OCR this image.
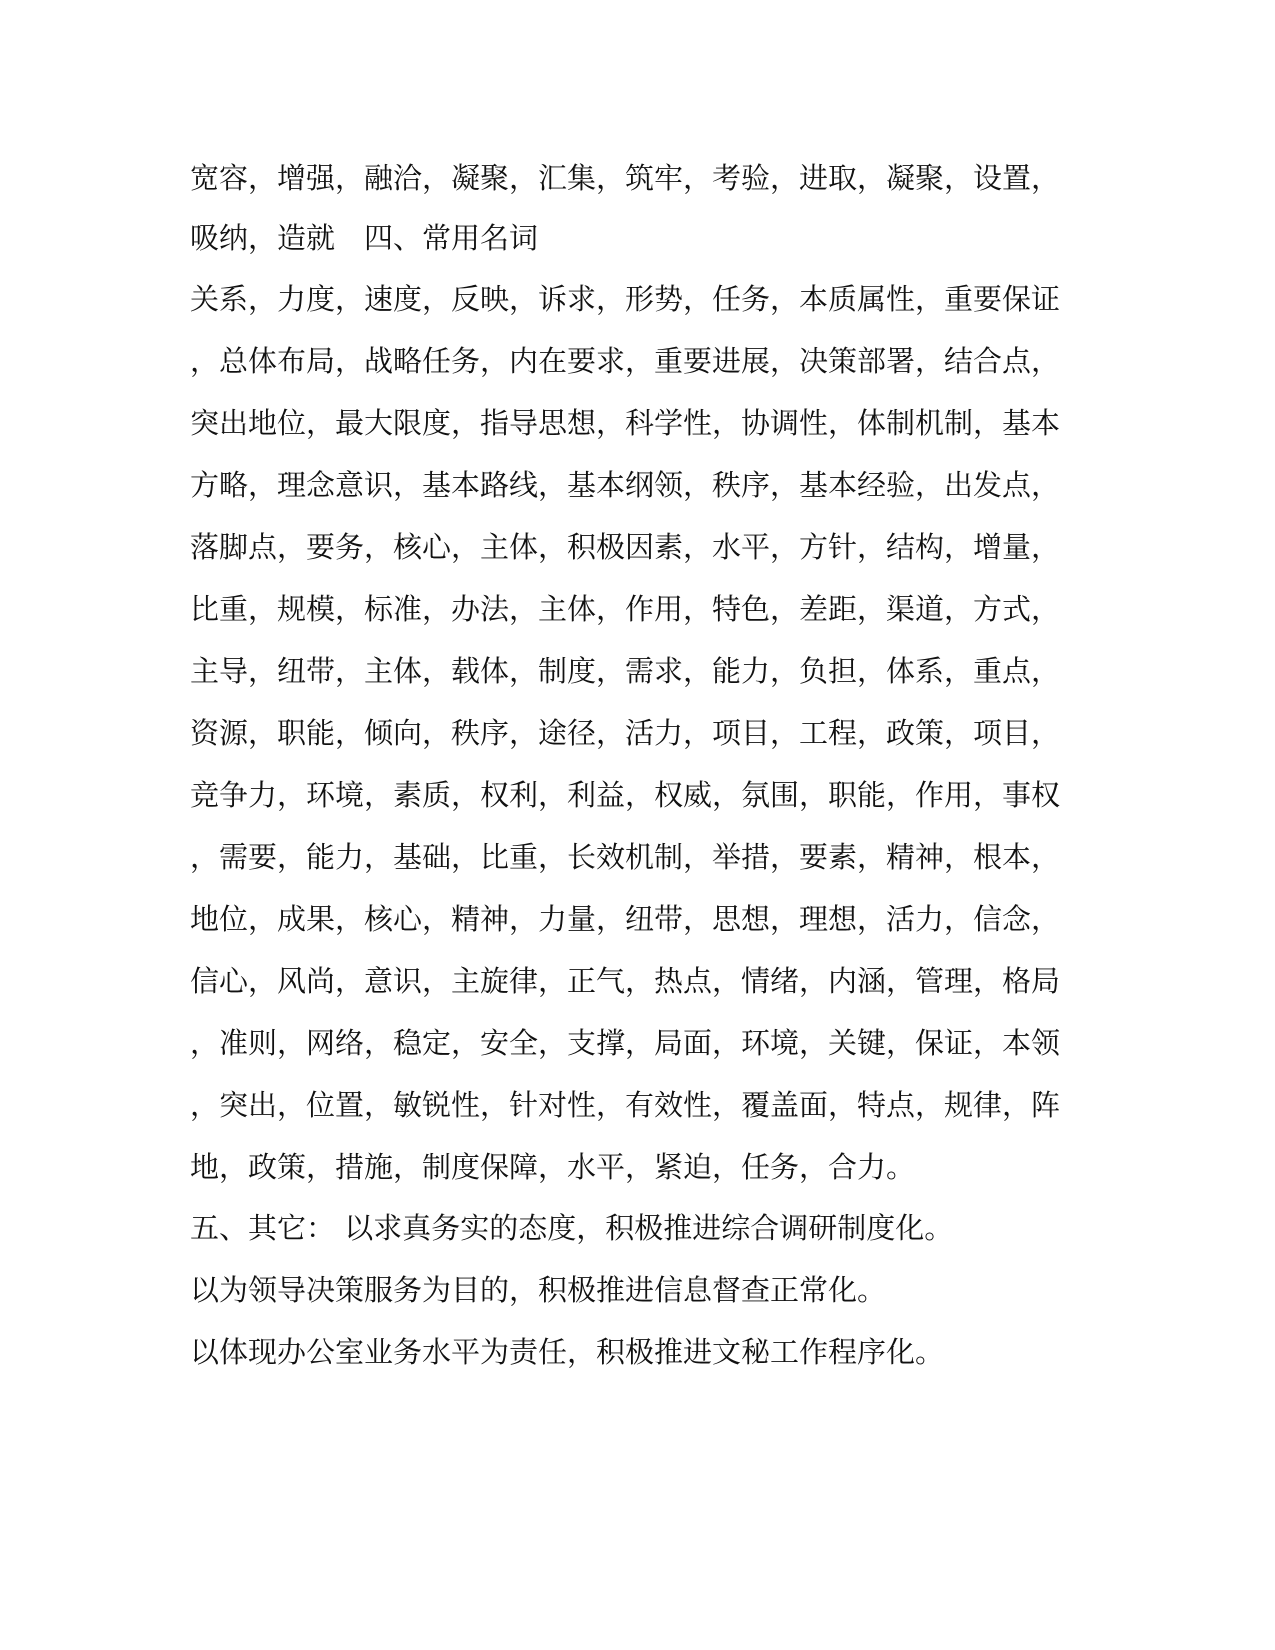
宽容，增强，融洽，凝聚，汇集，筑牢，考验，进取，凝聚，设置，
吸纳，造就　四、常用名词
关系，力度，速度，反映，诉求，形势，任务，本质属性，重要保证
，总体布局，战略任务，内在要求，重要进展，决策部署，结合点，
突出地位，最大限度，指导思想，科学性，协调性，体制机制，基本
方略，理念意识，基本路线，基本纲领，秩序，基本经验，出发点，
落脚点，要务，核心，主体，积极因素，水平，方针，结构，增量，
比重，规模，标准，办法，主体，作用，特色，差距，渠道，方式，
主导，纽带，主体，载体，制度，需求，能力，负担，体系，重点，
资源，职能，倾向，秩序，途径，活力，项目，工程，政策，项目，
竞争力，环境，素质，权利，利益，权威，氛围，职能，作用，事权
，需要，能力，基础，比重，长效机制，举措，要素，精神，根本，
地位，成果，核心，精神，力量，纽带，思想，理想，活力，信念，
信心，风尚，意识，主旋律，正气，热点，情绪，内涵，管理，格局
，准则，网络，稳定，安全，支撑，局面，环境，关键，保证，本领
，突出，位置，敏锐性，针对性，有效性，覆盖面，特点，规律，阵
地，政策，措施，制度保障，水平，紧迫，任务，合力。
五、其它： 以求真务实的态度，积极推进综合调研制度化。
以为领导决策服务为目的，积极推进信息督查正常化。
以体现办公室业务水平为责任，积极推进文秘工作程序化。
